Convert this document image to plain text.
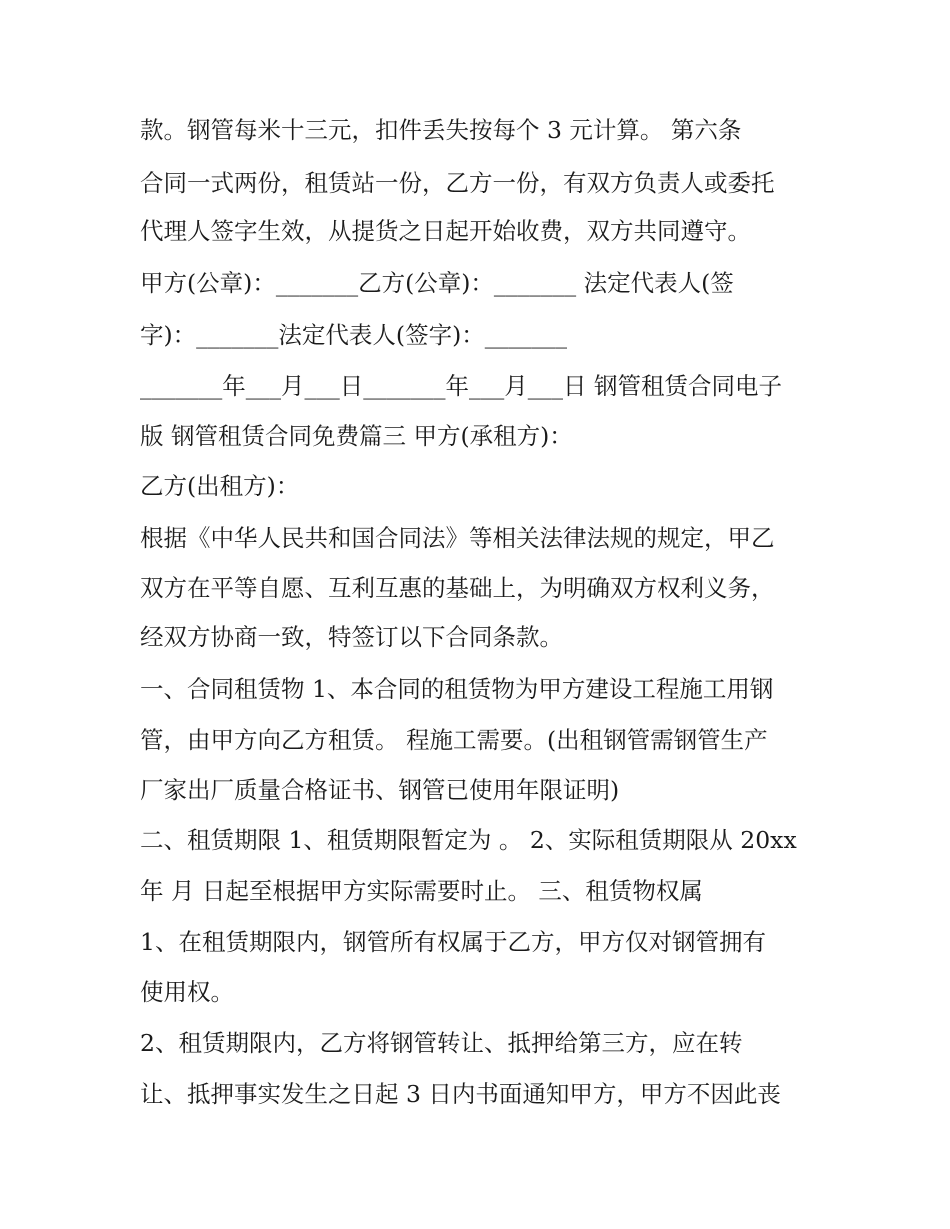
款。钢管每米十三元，扣件丢失按每个 3 元计算。 第六条
合同一式两份，租赁站一份，乙方一份，有双方负责人或委托
代理人签字生效，从提货之日起开始收费，双方共同遵守。
甲方(公章)：_______乙方(公章)：_______ 法定代表人(签
字)：_______法定代表人(签字)：_______
_______年___月___日_______年___月___日 钢管租赁合同电子
版 钢管租赁合同免费篇三 甲方(承租方)：
乙方(出租方)：
根据《中华人民共和国合同法》等相关法律法规的规定，甲乙
双方在平等自愿、互利互惠的基础上，为明确双方权利义务，
经双方协商一致，特签订以下合同条款。
一、合同租赁物 1、本合同的租赁物为甲方建设工程施工用钢
管，由甲方向乙方租赁。 程施工需要。(出租钢管需钢管生产
厂家出厂质量合格证书、钢管已使用年限证明)
二、租赁期限 1、租赁期限暂定为 。 2、实际租赁期限从 20xx
年 月 日起至根据甲方实际需要时止。 三、租赁物权属
1、在租赁期限内，钢管所有权属于乙方，甲方仅对钢管拥有
使用权。
2、租赁期限内，乙方将钢管转让、抵押给第三方，应在转
让、抵押事实发生之日起 3 日内书面通知甲方，甲方不因此丧
